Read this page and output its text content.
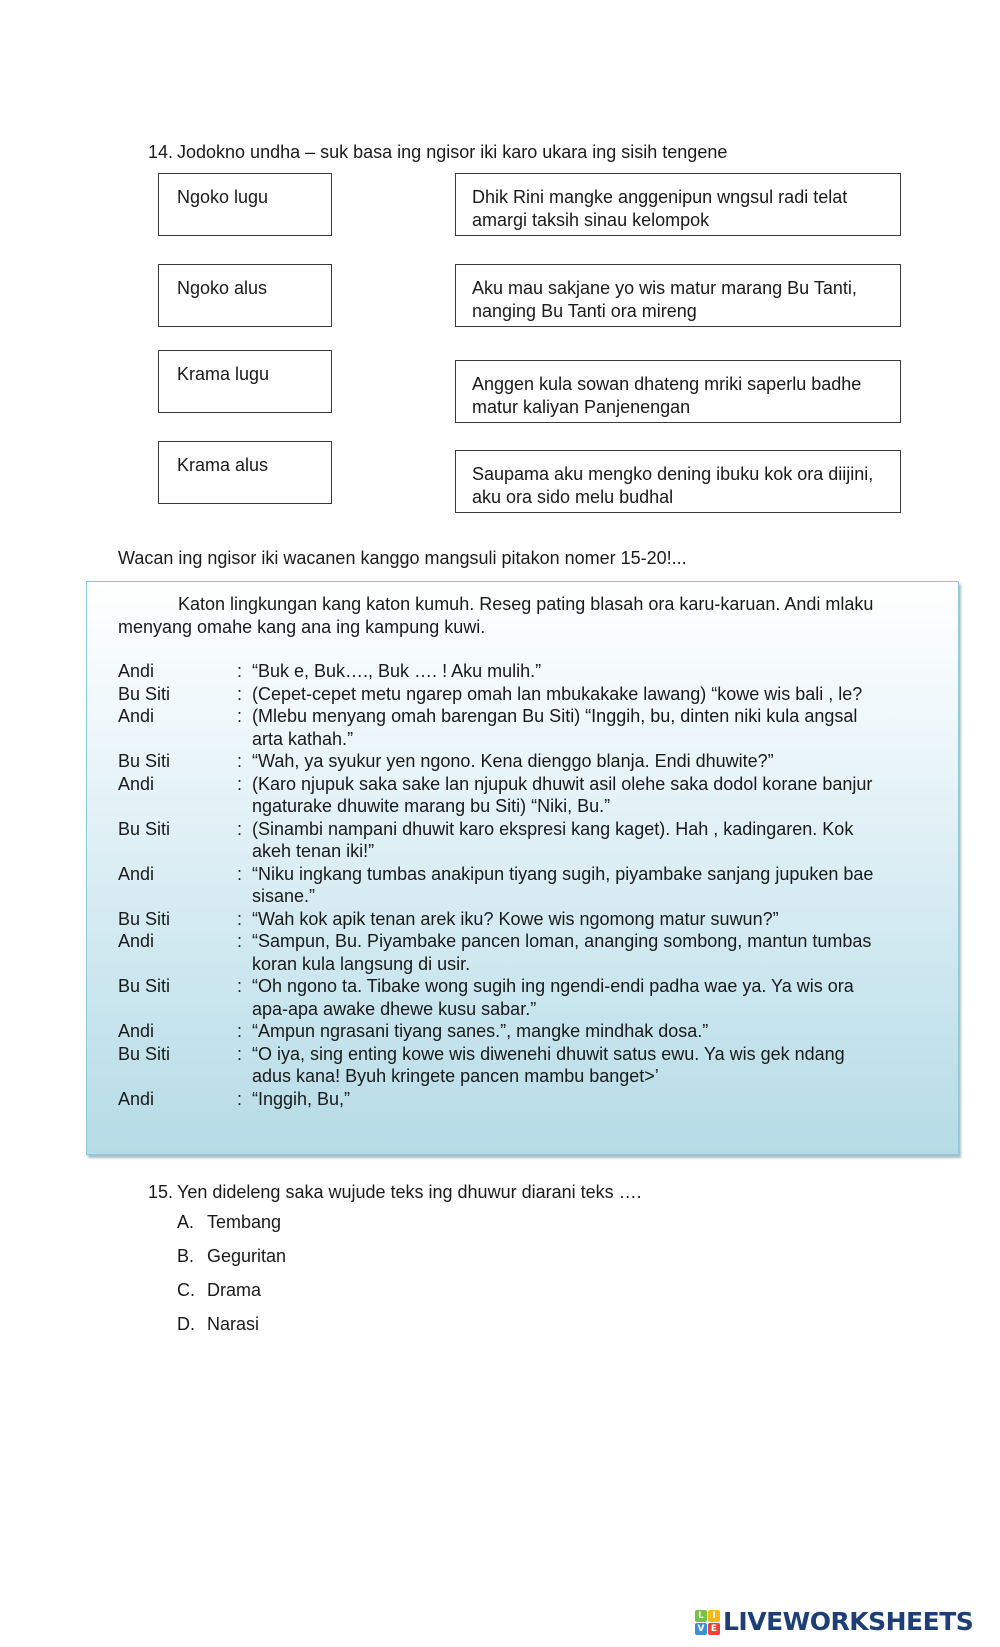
14. Jodokno undha – suk basa ing ngisor iki karo ukara ing sisih tengene
Ngoko lugu
Ngoko alus
Krama lugu
Krama alus
Dhik Rini mangke anggenipun wngsul radi telat amargi taksih sinau kelompok
Aku mau sakjane yo wis matur marang Bu Tanti, nanging Bu Tanti ora mireng
Anggen kula sowan dhateng mriki saperlu badhe matur kaliyan Panjenengan
Saupama aku mengko dening ibuku kok ora diijini, aku ora sido melu budhal
Wacan ing ngisor iki wacanen kanggo mangsuli pitakon nomer 15-20!...
Katon lingkungan kang katon kumuh. Reseg pating blasah ora karu-karuan. Andi mlaku menyang omahe kang ana ing kampung kuwi.
Andi	: “Buk e, Buk…., Buk …. ! Aku mulih.”
Bu Siti	: (Cepet-cepet metu ngarep omah lan mbukakake lawang) “kowe wis bali , le?
Andi	: (Mlebu menyang omah barengan Bu Siti) “Inggih, bu, dinten niki kula angsal arta kathah.”
Bu Siti	: “Wah, ya syukur yen ngono. Kena dienggo blanja. Endi dhuwite?”
Andi	: (Karo njupuk saka sake lan njupuk dhuwit asil olehe saka dodol korane banjur ngaturake dhuwite marang bu Siti) “Niki, Bu.”
Bu Siti	: (Sinambi nampani dhuwit karo ekspresi kang kaget). Hah , kadingaren. Kok akeh tenan iki!”
Andi	: “Niku ingkang tumbas anakipun tiyang sugih, piyambake sanjang jupuken bae sisane.”
Bu Siti	: “Wah kok apik tenan arek iku? Kowe wis ngomong matur suwun?”
Andi	: “Sampun, Bu. Piyambake pancen loman, ananging sombong, mantun tumbas koran kula langsung di usir.
Bu Siti	: “Oh ngono ta. Tibake wong sugih ing ngendi-endi padha wae ya. Ya wis ora apa-apa awake dhewe kusu sabar.”
Andi	: “Ampun ngrasani tiyang sanes.”, mangke mindhak dosa.”
Bu Siti	: “O iya, sing enting kowe wis diwenehi dhuwit satus ewu. Ya wis gek ndang adus kana! Byuh kringete pancen mambu banget>’
Andi	: “Inggih, Bu,”
15. Yen dideleng saka wujude teks ing dhuwur diarani teks ….
A. Tembang
B. Geguritan
C. Drama
D. Narasi
L I
V E LIVEWORKSHEETS
